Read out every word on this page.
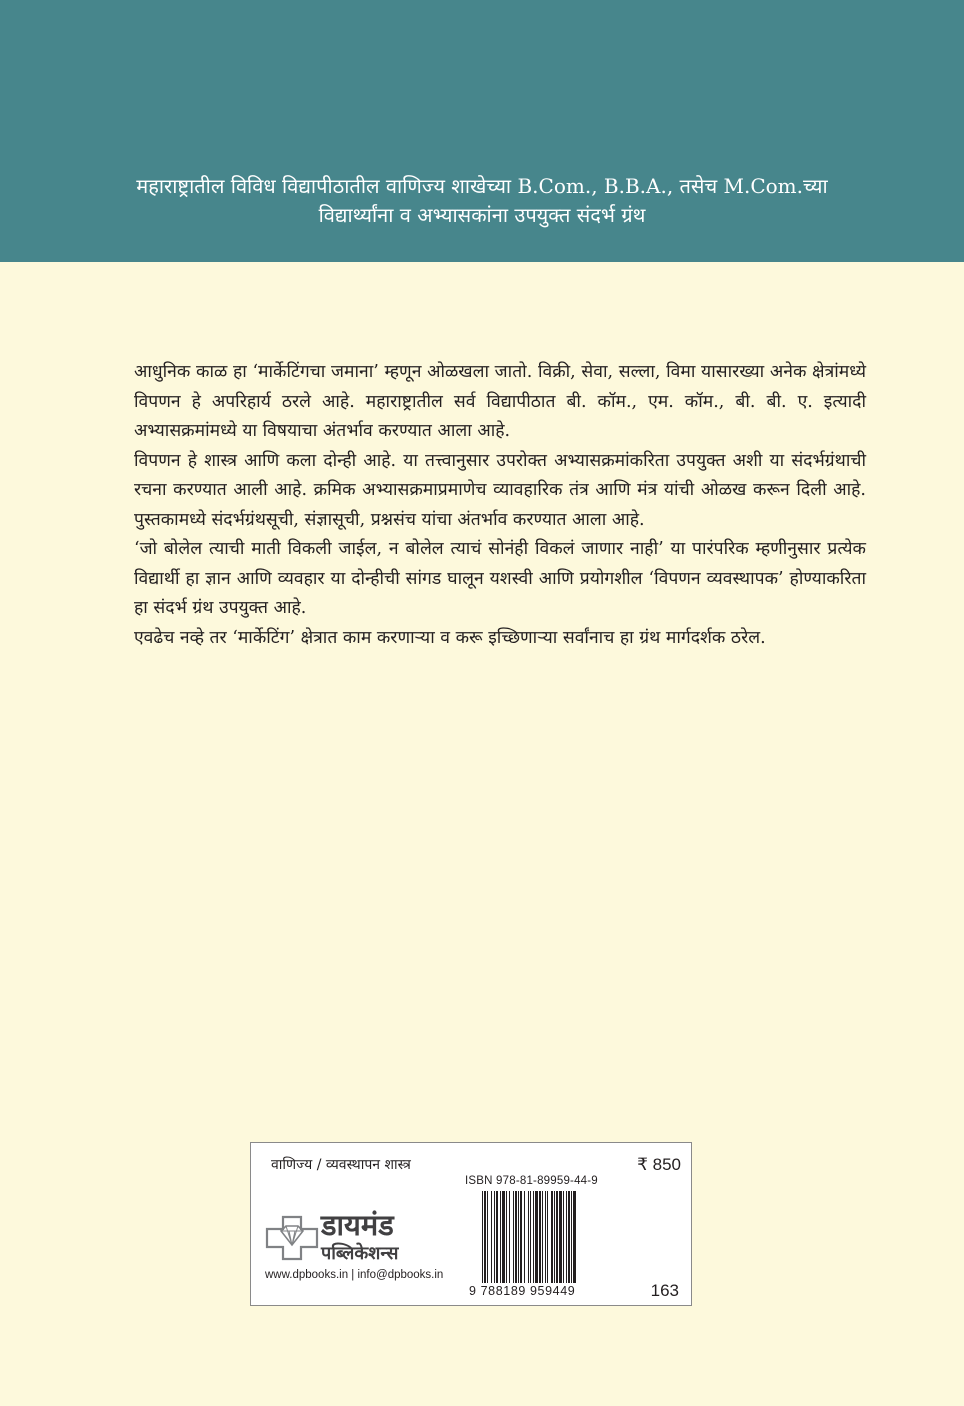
महाराष्ट्रातील विविध विद्यापीठातील वाणिज्य शाखेच्या B.Com., B.B.A., तसेच M.Com.च्या
विद्यार्थ्यांना व अभ्यासकांना उपयुक्त संदर्भ ग्रंथ

आधुनिक काळ हा ‘मार्केटिंगचा जमाना’ म्हणून ओळखला जातो. विक्री, सेवा, सल्ला, विमा यासारख्या अनेक क्षेत्रांमध्ये विपणन हे अपरिहार्य ठरले आहे. महाराष्ट्रातील सर्व विद्यापीठात बी. कॉम., एम. कॉम., बी. बी. ए. इत्यादी अभ्यासक्रमांमध्ये या विषयाचा अंतर्भाव करण्यात आला आहे.

विपणन हे शास्त्र आणि कला दोन्ही आहे. या तत्त्वानुसार उपरोक्त अभ्यासक्रमांकरिता उपयुक्त अशी या संदर्भग्रंथाची रचना करण्यात आली आहे. क्रमिक अभ्यासक्रमाप्रमाणेच व्यावहारिक तंत्र आणि मंत्र यांची ओळख करून दिली आहे. पुस्तकामध्ये संदर्भग्रंथसूची, संज्ञासूची, प्रश्नसंच यांचा अंतर्भाव करण्यात आला आहे.

‘जो बोलेल त्याची माती विकली जाईल, न बोलेल त्याचं सोनंही विकलं जाणार नाही’ या पारंपरिक म्हणीनुसार प्रत्येक विद्यार्थी हा ज्ञान आणि व्यवहार या दोन्हीची सांगड घालून यशस्वी आणि प्रयोगशील ‘विपणन व्यवस्थापक’ होण्याकरिता हा संदर्भ ग्रंथ उपयुक्त आहे.

एवढेच नव्हे तर ‘मार्केटिंग’ क्षेत्रात काम करणाऱ्या व करू इच्छिणाऱ्या सर्वांनाच हा ग्रंथ मार्गदर्शक ठरेल.

वाणिज्य / व्यवस्थापन शास्त्र	₹ 850
ISBN 978-81-89959-44-9
9 788189 959449	163
डायमंड
पब्लिकेशन्स
www.dpbooks.in | info@dpbooks.in
